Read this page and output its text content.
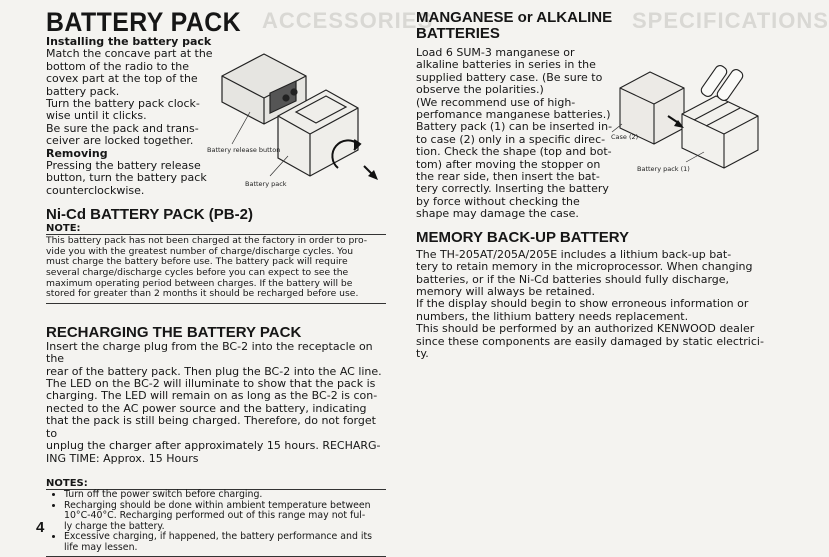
ACCESSORIES	SPECIFICATIONS
BATTERY PACK
Installing the battery pack
Match the concave part at the
bottom of the radio to the
covex part at the top of the
battery pack.
Turn the battery pack clock-
wise until it clicks.
Be sure the pack and trans-
ceiver are locked together.
Removing
Pressing the battery release
button, turn the battery pack
counterclockwise.
Ni-Cd BATTERY PACK (PB-2)
NOTE:
This battery pack has not been charged at the factory in order to pro-
vide you with the greatest number of charge/discharge cycles. You
must charge the battery before use. The battery pack will require
several charge/discharge cycles before you can expect to see the
maximum operating period between charges. If the battery will be
stored for greater than 2 months it should be recharged before use.
RECHARGING THE BATTERY PACK
Insert the charge plug from the BC-2 into the receptacle on the
rear of the battery pack. Then plug the BC-2 into the AC line.
The LED on the BC-2 will illuminate to show that the pack is
charging. The LED will remain on as long as the BC-2 is con-
nected to the AC power source and the battery, indicating
that the pack is still being charged. Therefore, do not forget to
unplug the charger after approximately 15 hours. RECHARG-
ING TIME: Approx. 15 Hours
NOTES:
• Turn off the power switch before charging.
• Recharging should be done within ambient temperature between
10°C-40°C. Recharging performed out of this range may not ful-
ly charge the battery.
• Excessive charging, if happened, the battery performance and its
life may lessen.
Battery release button
Battery pack
MANGANESE or ALKALINE
BATTERIES
Load 6 SUM-3 manganese or
alkaline batteries in series in the
supplied battery case. (Be sure to
observe the polarities.)
(We recommend use of high-
perfomance manganese batteries.)
Battery pack (1) can be inserted in-
to case (2) only in a specific direc-
tion. Check the shape (top and bot-
tom) after moving the stopper on
the rear side, then insert the bat-
tery correctly. Inserting the battery
by force without checking the
shape may damage the case.
MEMORY BACK-UP BATTERY
The TH-205AT/205A/205E includes a lithium back-up bat-
tery to retain memory in the microprocessor. When changing
batteries, or if the Ni-Cd batteries should fully discharge,
memory will always be retained.
If the display should begin to show erroneous information or
numbers, the lithium battery needs replacement.
This should be performed by an authorized KENWOOD dealer
since these components are easily damaged by static electrici-
ty.
Case (2)
Battery pack (1)
4
